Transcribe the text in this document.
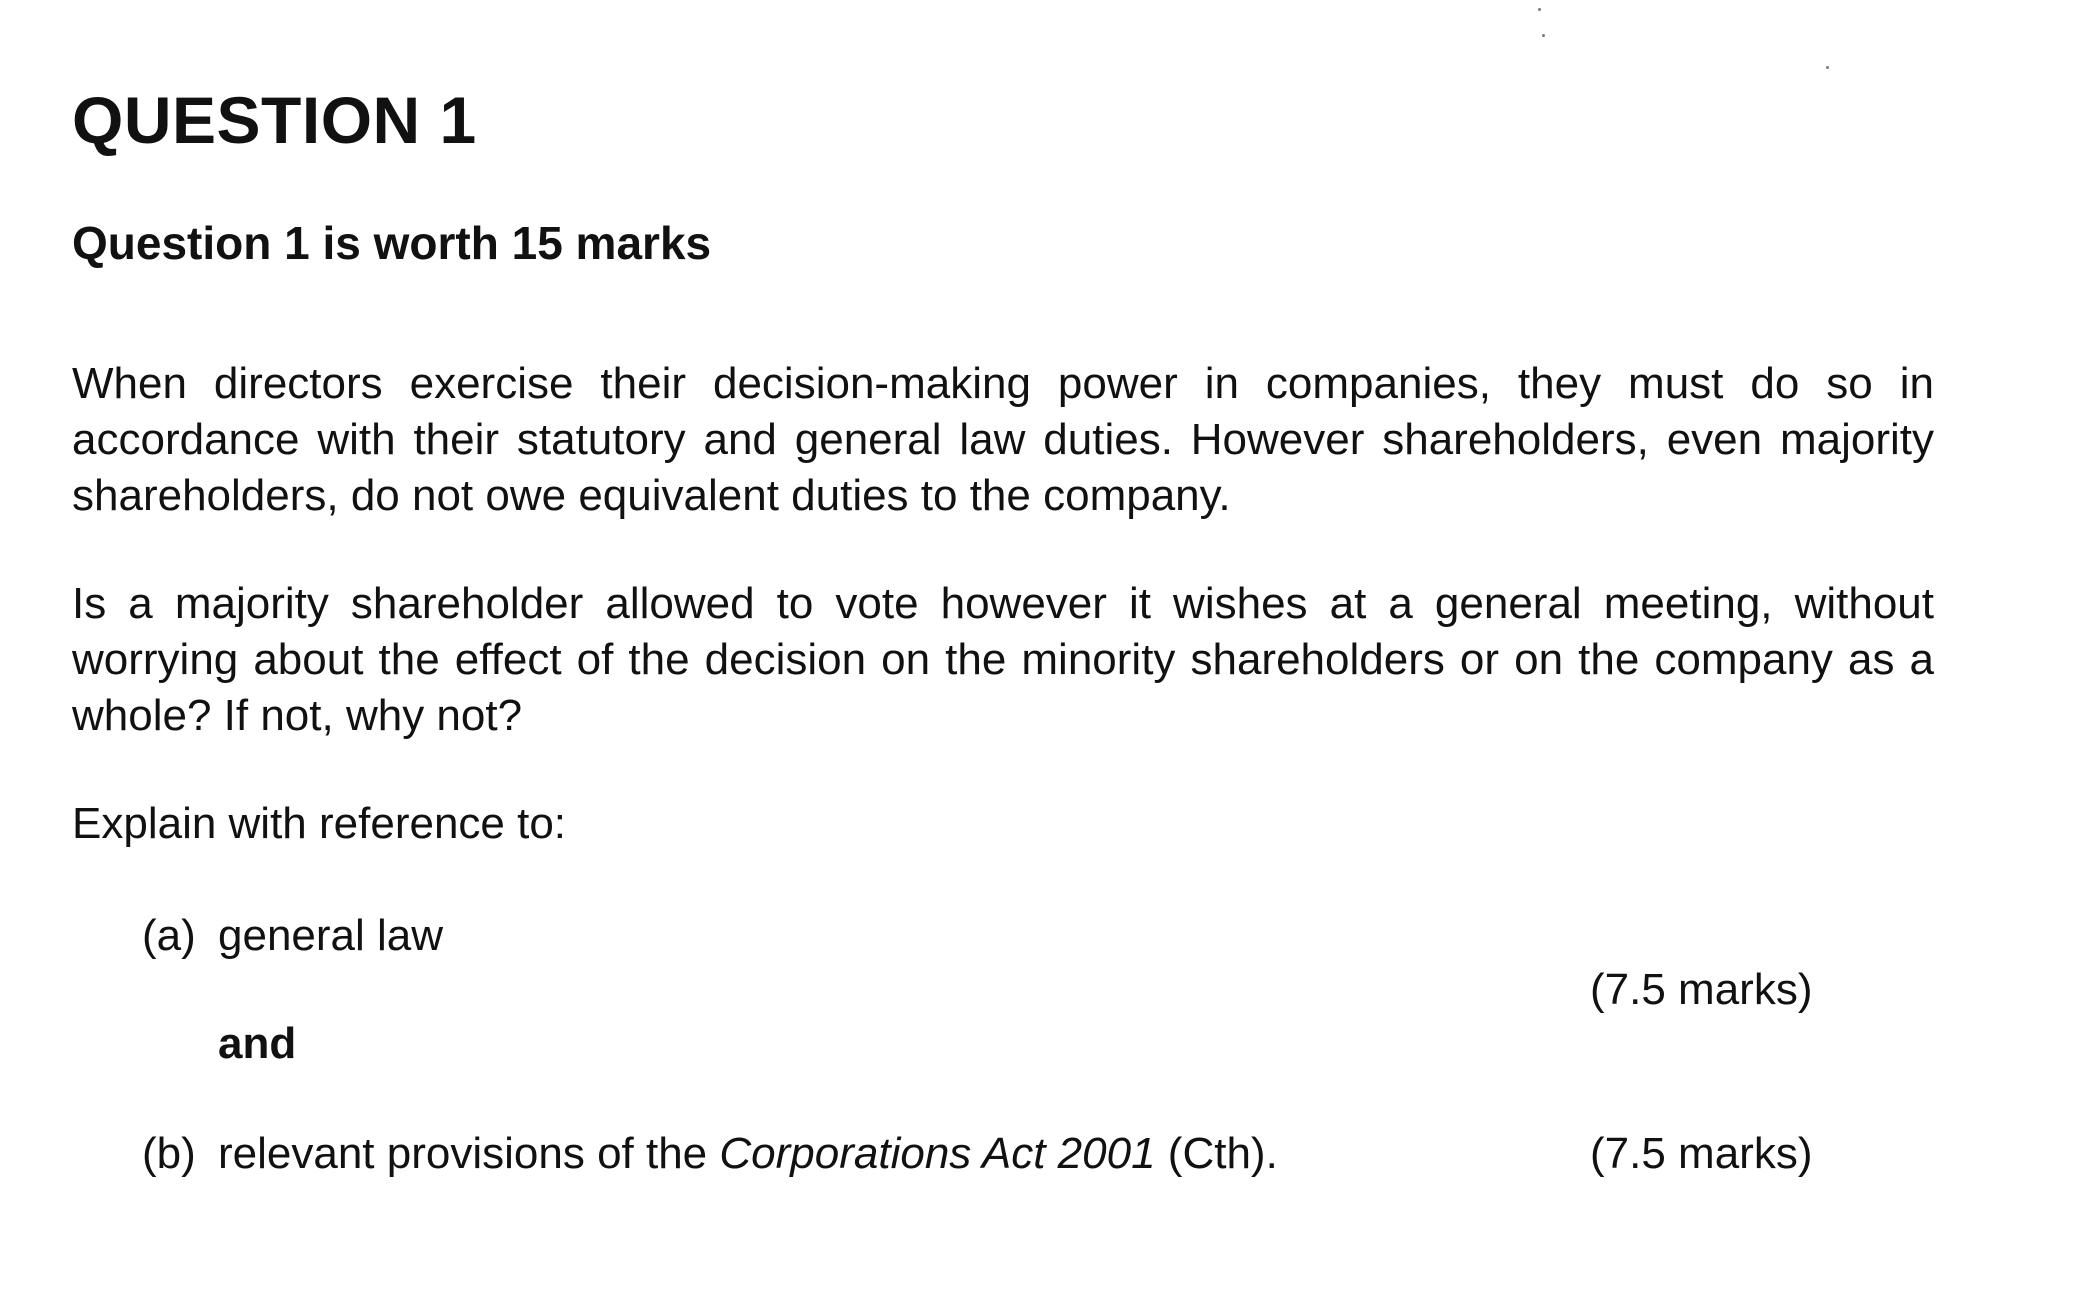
QUESTION 1
Question 1 is worth 15 marks

When directors exercise their decision-making power in companies, they must do so in accordance with their statutory and general law duties. However shareholders, even majority shareholders, do not owe equivalent duties to the company.

Is a majority shareholder allowed to vote however it wishes at a general meeting, without worrying about the effect of the decision on the minority shareholders or on the company as a whole? If not, why not?

Explain with reference to:

(a) general law
(7.5 marks)
and
(b) relevant provisions of the Corporations Act 2001 (Cth).	(7.5 marks)
